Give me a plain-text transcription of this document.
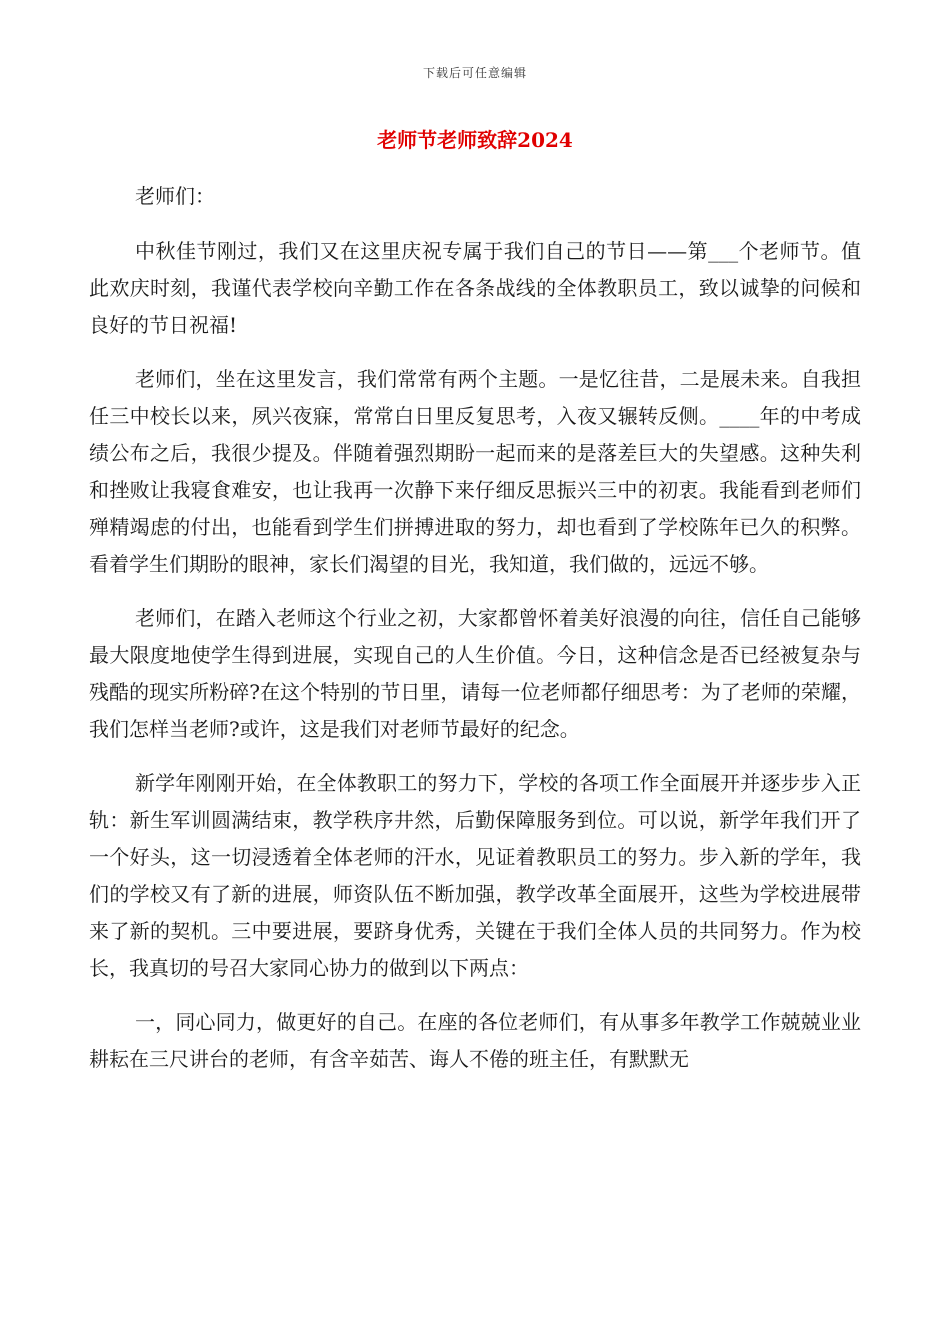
下载后可任意编辑
老师节老师致辞2024

老师们：

中秋佳节刚过，我们又在这里庆祝专属于我们自己的节日——第___个老师节。值此欢庆时刻，我谨代表学校向辛勤工作在各条战线的全体教职员工，致以诚挚的问候和良好的节日祝福!

老师们，坐在这里发言，我们常常有两个主题。一是忆往昔，二是展未来。自我担任三中校长以来，夙兴夜寐，常常白日里反复思考，入夜又辗转反侧。____年的中考成绩公布之后，我很少提及。伴随着强烈期盼一起而来的是落差巨大的失望感。这种失利和挫败让我寝食难安，也让我再一次静下来仔细反思振兴三中的初衷。我能看到老师们殚精竭虑的付出，也能看到学生们拼搏进取的努力，却也看到了学校陈年已久的积弊。看着学生们期盼的眼神，家长们渴望的目光，我知道，我们做的，远远不够。

老师们，在踏入老师这个行业之初，大家都曾怀着美好浪漫的向往，信任自己能够最大限度地使学生得到进展，实现自己的人生价值。今日，这种信念是否已经被复杂与残酷的现实所粉碎?在这个特别的节日里，请每一位老师都仔细思考：为了老师的荣耀，我们怎样当老师?或许，这是我们对老师节最好的纪念。

新学年刚刚开始，在全体教职工的努力下，学校的各项工作全面展开并逐步步入正轨：新生军训圆满结束，教学秩序井然，后勤保障服务到位。可以说，新学年我们开了一个好头，这一切浸透着全体老师的汗水，见证着教职员工的努力。步入新的学年，我们的学校又有了新的进展，师资队伍不断加强，教学改革全面展开，这些为学校进展带来了新的契机。三中要进展，要跻身优秀，关键在于我们全体人员的共同努力。作为校长，我真切的号召大家同心协力的做到以下两点：

一，同心同力，做更好的自己。在座的各位老师们，有从事多年教学工作兢兢业业耕耘在三尺讲台的老师，有含辛茹苦、诲人不倦的班主任，有默默无
